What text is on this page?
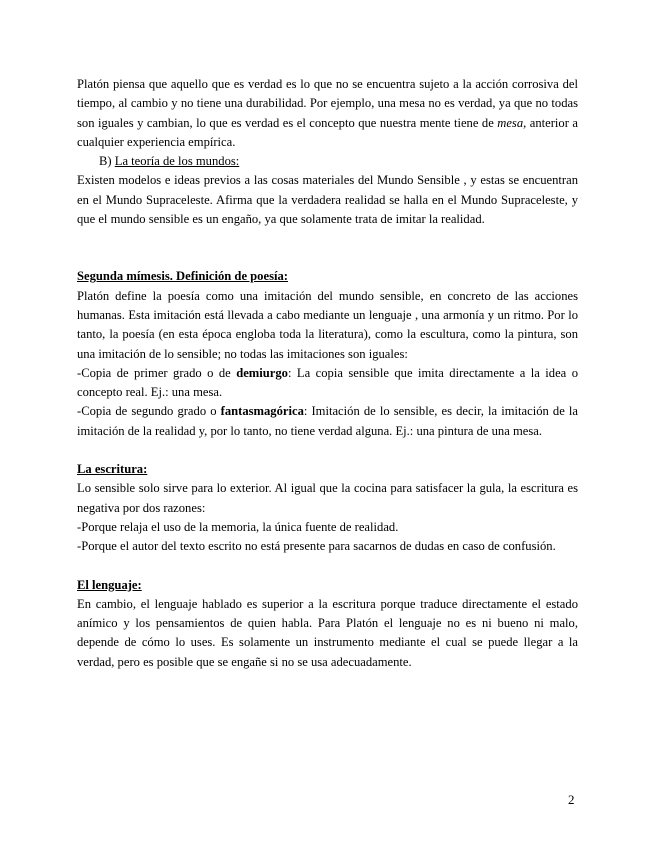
Platón piensa que aquello que es verdad es lo que no se encuentra sujeto a la acción corrosiva del tiempo, al cambio y no tiene una durabilidad. Por ejemplo, una mesa no es verdad, ya que no todas son iguales y cambian, lo que es verdad es el concepto que nuestra mente tiene de mesa, anterior a cualquier experiencia empírica.

B) La teoría de los mundos:

Existen modelos e ideas previos a las cosas materiales del Mundo Sensible , y estas se encuentran en el Mundo Supraceleste. Afirma que la verdadera realidad se halla en el Mundo Supraceleste, y que el mundo sensible es un engaño, ya que solamente trata de imitar la realidad.

Segunda mímesis. Definición de poesía:

Platón define la poesía como una imitación del mundo sensible, en concreto de las acciones humanas. Esta imitación está llevada a cabo mediante un lenguaje , una armonía y un ritmo. Por lo tanto, la poesía (en esta época engloba toda la literatura), como la escultura, como la pintura, son una imitación de lo sensible; no todas las imitaciones son iguales:

-Copia de primer grado o de demiurgo: La copia sensible que imita directamente a la idea o concepto real. Ej.: una mesa.

-Copia de segundo grado o fantasmagórica: Imitación de lo sensible, es decir, la imitación de la imitación de la realidad y, por lo tanto, no tiene verdad alguna. Ej.: una pintura de una mesa.

La escritura:

Lo sensible solo sirve para lo exterior. Al igual que la cocina para satisfacer la gula, la escritura es negativa por dos razones:

-Porque relaja el uso de la memoria, la única fuente de realidad.

-Porque el autor del texto escrito no está presente para sacarnos de dudas en caso de confusión.

El lenguaje:

En cambio, el lenguaje hablado es superior a la escritura porque traduce directamente el estado anímico y los pensamientos de quien habla. Para Platón el lenguaje no es ni bueno ni malo, depende de cómo lo uses. Es solamente un instrumento mediante el cual se puede llegar a la verdad, pero es posible que se engañe si no se usa adecuadamente.

2
